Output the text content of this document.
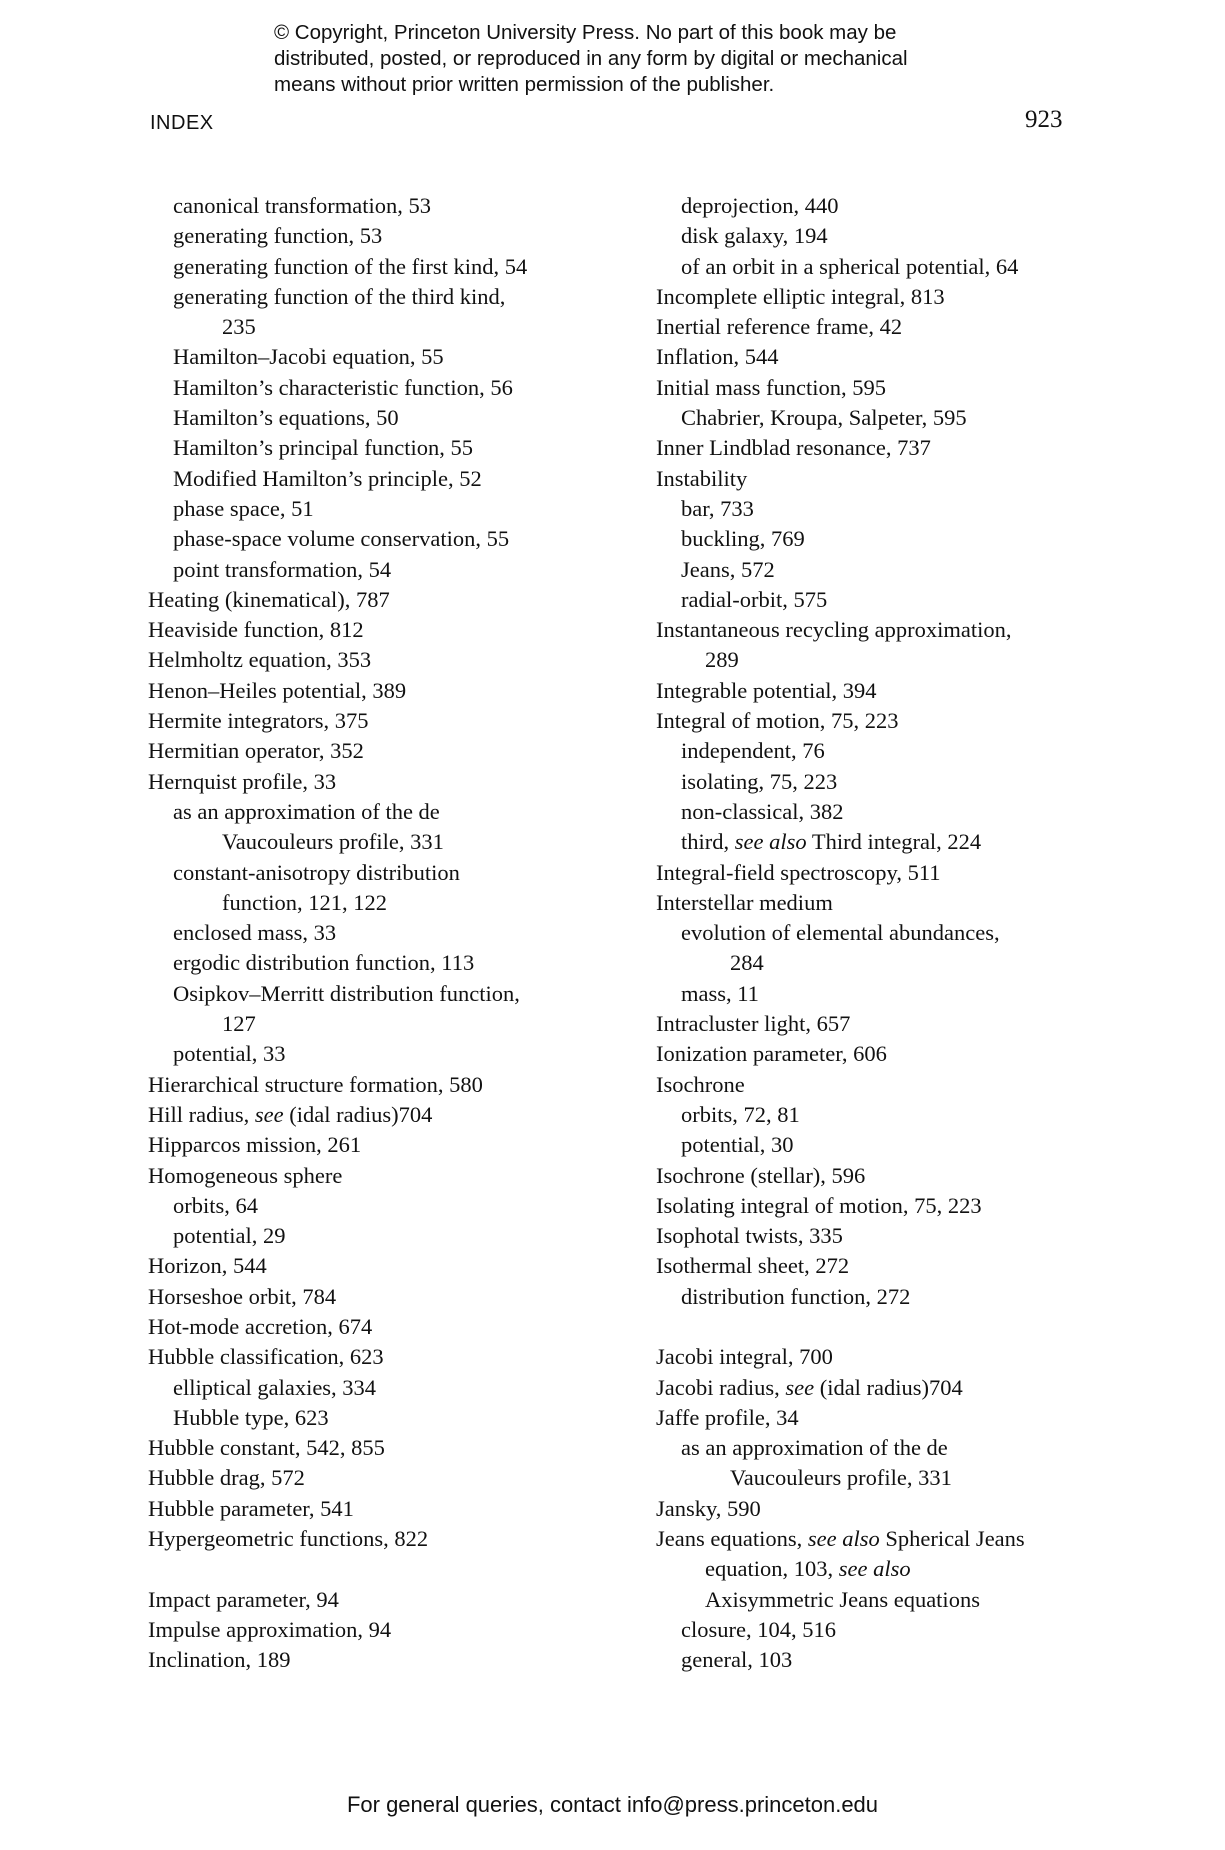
© Copyright, Princeton University Press. No part of this book may be
distributed, posted, or reproduced in any form by digital or mechanical
means without prior written permission of the publisher.
INDEX	923
canonical transformation, 53
generating function, 53
generating function of the first kind, 54
generating function of the third kind,
235
Hamilton–Jacobi equation, 55
Hamilton’s characteristic function, 56
Hamilton’s equations, 50
Hamilton’s principal function, 55
Modified Hamilton’s principle, 52
phase space, 51
phase-space volume conservation, 55
point transformation, 54
Heating (kinematical), 787
Heaviside function, 812
Helmholtz equation, 353
Henon–Heiles potential, 389
Hermite integrators, 375
Hermitian operator, 352
Hernquist profile, 33
as an approximation of the de
Vaucouleurs profile, 331
constant-anisotropy distribution
function, 121, 122
enclosed mass, 33
ergodic distribution function, 113
Osipkov–Merritt distribution function,
127
potential, 33
Hierarchical structure formation, 580
Hill radius, see (idal radius)704
Hipparcos mission, 261
Homogeneous sphere
orbits, 64
potential, 29
Horizon, 544
Horseshoe orbit, 784
Hot-mode accretion, 674
Hubble classification, 623
elliptical galaxies, 334
Hubble type, 623
Hubble constant, 542, 855
Hubble drag, 572
Hubble parameter, 541
Hypergeometric functions, 822
Impact parameter, 94
Impulse approximation, 94
Inclination, 189
deprojection, 440
disk galaxy, 194
of an orbit in a spherical potential, 64
Incomplete elliptic integral, 813
Inertial reference frame, 42
Inflation, 544
Initial mass function, 595
Chabrier, Kroupa, Salpeter, 595
Inner Lindblad resonance, 737
Instability
bar, 733
buckling, 769
Jeans, 572
radial-orbit, 575
Instantaneous recycling approximation,
289
Integrable potential, 394
Integral of motion, 75, 223
independent, 76
isolating, 75, 223
non-classical, 382
third, see also Third integral, 224
Integral-field spectroscopy, 511
Interstellar medium
evolution of elemental abundances,
284
mass, 11
Intracluster light, 657
Ionization parameter, 606
Isochrone
orbits, 72, 81
potential, 30
Isochrone (stellar), 596
Isolating integral of motion, 75, 223
Isophotal twists, 335
Isothermal sheet, 272
distribution function, 272
Jacobi integral, 700
Jacobi radius, see (idal radius)704
Jaffe profile, 34
as an approximation of the de
Vaucouleurs profile, 331
Jansky, 590
Jeans equations, see also Spherical Jeans
equation, 103, see also
Axisymmetric Jeans equations
closure, 104, 516
general, 103
For general queries, contact info@press.princeton.edu
